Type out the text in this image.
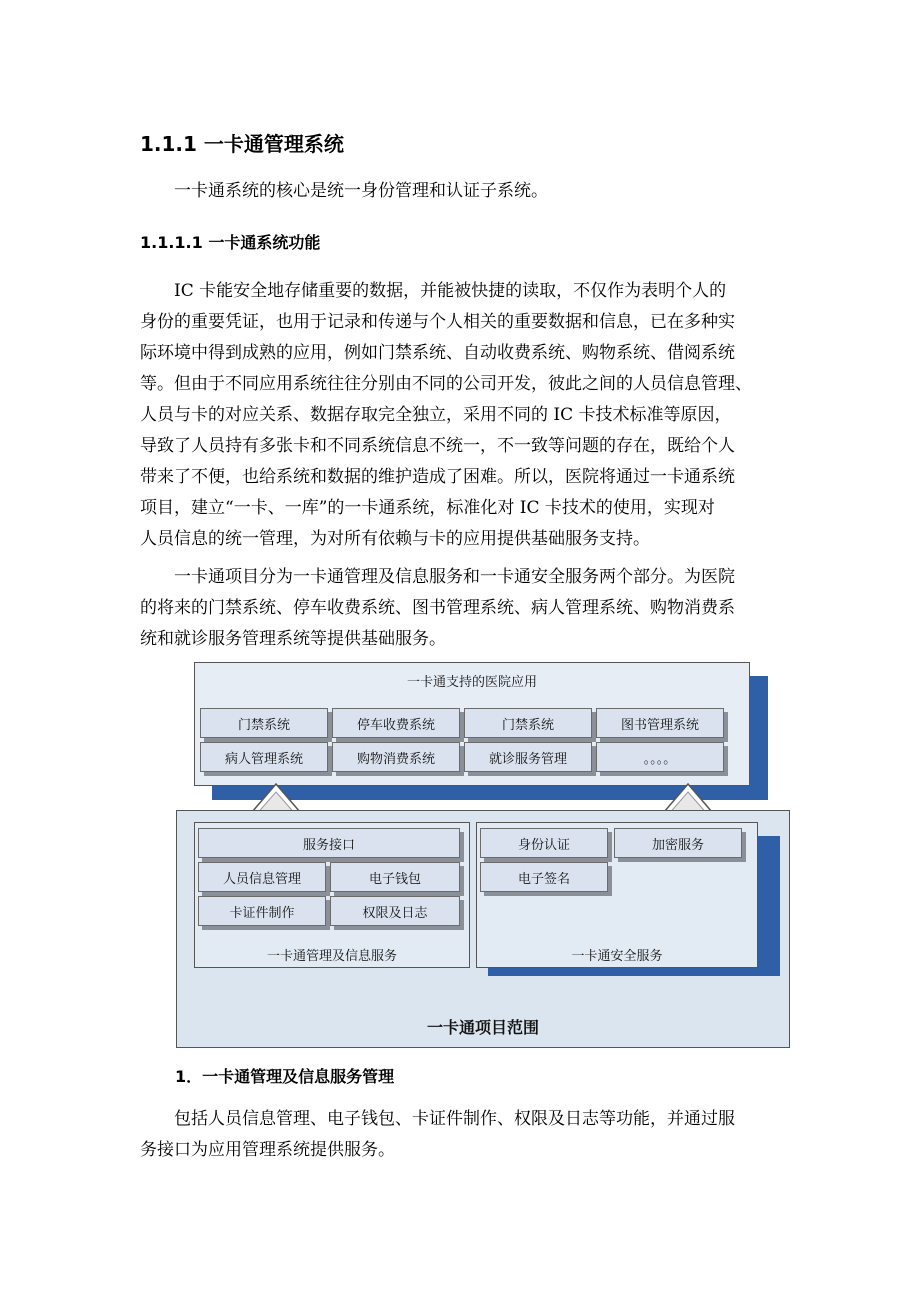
1.1.1 一卡通管理系统

一卡通系统的核心是统一身份管理和认证子系统。

1.1.1.1 一卡通系统功能

IC 卡能安全地存储重要的数据，并能被快捷的读取，不仅作为表明个人的
身份的重要凭证，也用于记录和传递与个人相关的重要数据和信息，已在多种实
际环境中得到成熟的应用，例如门禁系统、自动收费系统、购物系统、借阅系统
等。但由于不同应用系统往往分别由不同的公司开发，彼此之间的人员信息管理、
人员与卡的对应关系、数据存取完全独立，采用不同的 IC 卡技术标准等原因，
导致了人员持有多张卡和不同系统信息不统一，不一致等问题的存在，既给个人
带来了不便，也给系统和数据的维护造成了困难。所以，医院将通过一卡通系统
项目，建立“一卡、一库”的一卡通系统，标准化对 IC 卡技术的使用，实现对
人员信息的统一管理，为对所有依赖与卡的应用提供基础服务支持。

一卡通项目分为一卡通管理及信息服务和一卡通安全服务两个部分。为医院
的将来的门禁系统、停车收费系统、图书管理系统、病人管理系统、购物消费系
统和就诊服务管理系统等提供基础服务。

一卡通支持的医院应用
门禁系统	停车收费系统	门禁系统	图书管理系统
病人管理系统	购物消费系统	就诊服务管理	。。。。
一卡通项目范围
一卡通管理及信息服务
服务接口
人员信息管理	电子钱包
卡证件制作	权限及日志
一卡通安全服务
身份认证	加密服务
电子签名
1．一卡通管理及信息服务管理

包括人员信息管理、电子钱包、卡证件制作、权限及日志等功能，并通过服
务接口为应用管理系统提供服务。
